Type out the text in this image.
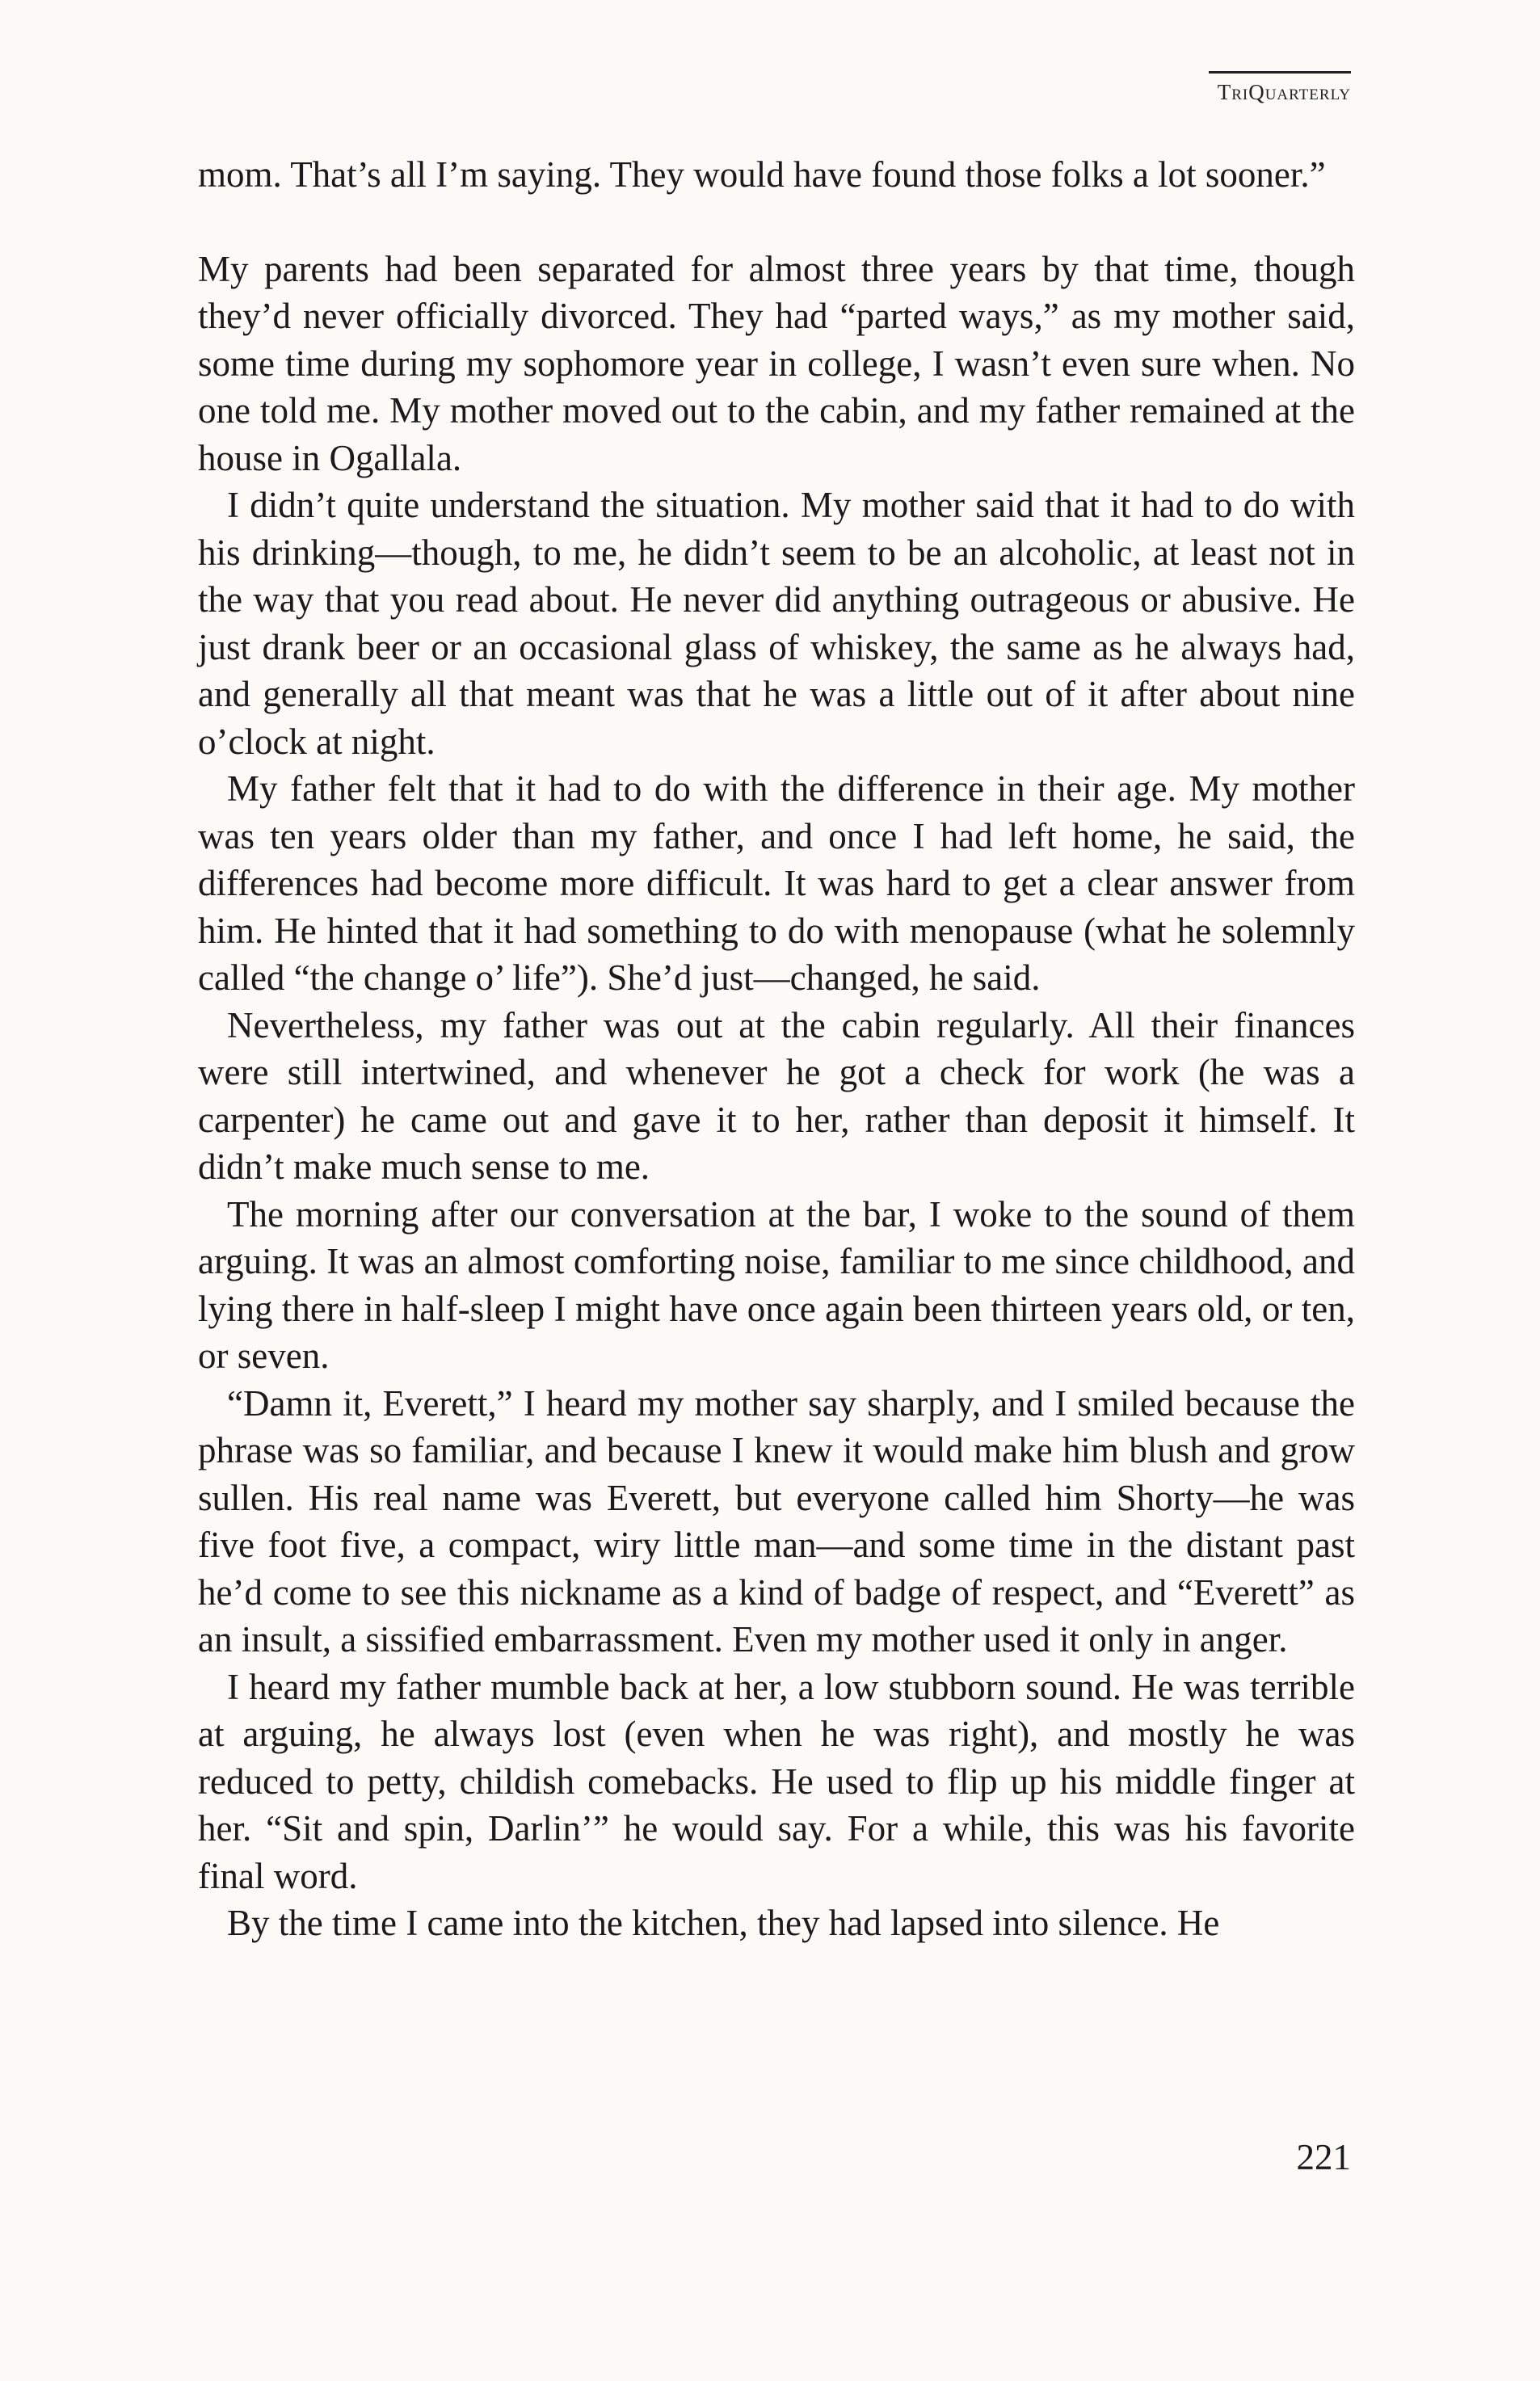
TriQuarterly

mom. That’s all I’m saying. They would have found those folks a lot sooner.”

My parents had been separated for almost three years by that time, though they’d never officially divorced. They had “parted ways,” as my mother said, some time during my sophomore year in college, I wasn’t even sure when. No one told me. My mother moved out to the cabin, and my father remained at the house in Ogallala.

I didn’t quite understand the situation. My mother said that it had to do with his drinking—though, to me, he didn’t seem to be an alcoholic, at least not in the way that you read about. He never did anything outrageous or abusive. He just drank beer or an occasional glass of whiskey, the same as he always had, and generally all that meant was that he was a little out of it after about nine o’clock at night.

My father felt that it had to do with the difference in their age. My mother was ten years older than my father, and once I had left home, he said, the differences had become more difficult. It was hard to get a clear answer from him. He hinted that it had something to do with menopause (what he solemnly called “the change o’ life”). She’d just—changed, he said.

Nevertheless, my father was out at the cabin regularly. All their finances were still intertwined, and whenever he got a check for work (he was a carpenter) he came out and gave it to her, rather than deposit it himself. It didn’t make much sense to me.

The morning after our conversation at the bar, I woke to the sound of them arguing. It was an almost comforting noise, familiar to me since childhood, and lying there in half-sleep I might have once again been thirteen years old, or ten, or seven.

“Damn it, Everett,” I heard my mother say sharply, and I smiled because the phrase was so familiar, and because I knew it would make him blush and grow sullen. His real name was Everett, but everyone called him Shorty—he was five foot five, a compact, wiry little man—and some time in the distant past he’d come to see this nickname as a kind of badge of respect, and “Everett” as an insult, a sissified embarrassment. Even my mother used it only in anger.

I heard my father mumble back at her, a low stubborn sound. He was terrible at arguing, he always lost (even when he was right), and mostly he was reduced to petty, childish comebacks. He used to flip up his middle finger at her. “Sit and spin, Darlin’” he would say. For a while, this was his favorite final word.

By the time I came into the kitchen, they had lapsed into silence. He

221
